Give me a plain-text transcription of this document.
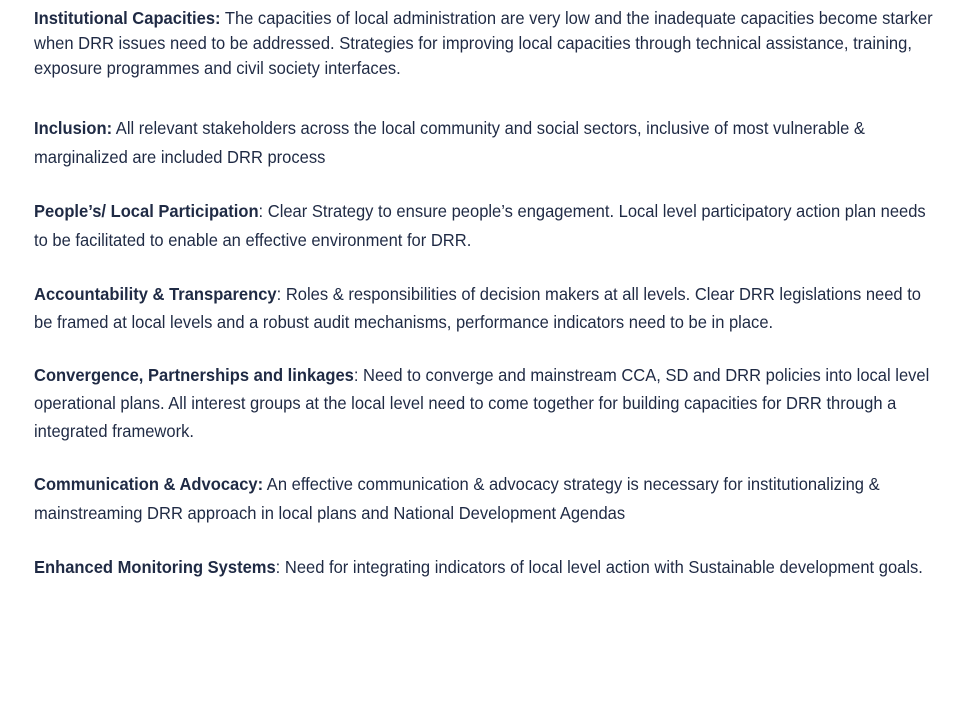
Institutional Capacities: The capacities of local administration are very low and the inadequate capacities become starker when DRR issues need to be addressed. Strategies for improving local capacities through technical assistance, training, exposure programmes and civil society interfaces.

Inclusion: All relevant stakeholders across the local community and social sectors, inclusive of most vulnerable & marginalized are included DRR process

People’s/ Local Participation: Clear Strategy to ensure people’s engagement. Local level participatory action plan needs to be facilitated to enable an effective environment for DRR.

Accountability & Transparency: Roles & responsibilities of decision makers at all levels. Clear DRR legislations need to be framed at local levels and a robust audit mechanisms, performance indicators need to be in place.

Convergence, Partnerships and linkages: Need to converge and mainstream CCA, SD and DRR policies into local level operational plans. All interest groups at the local level need to come together for building capacities for DRR through a integrated framework.

Communication & Advocacy: An effective communication & advocacy strategy is necessary for institutionalizing & mainstreaming DRR approach in local plans and National Development Agendas

Enhanced Monitoring Systems: Need for integrating indicators of local level action with Sustainable development goals.
